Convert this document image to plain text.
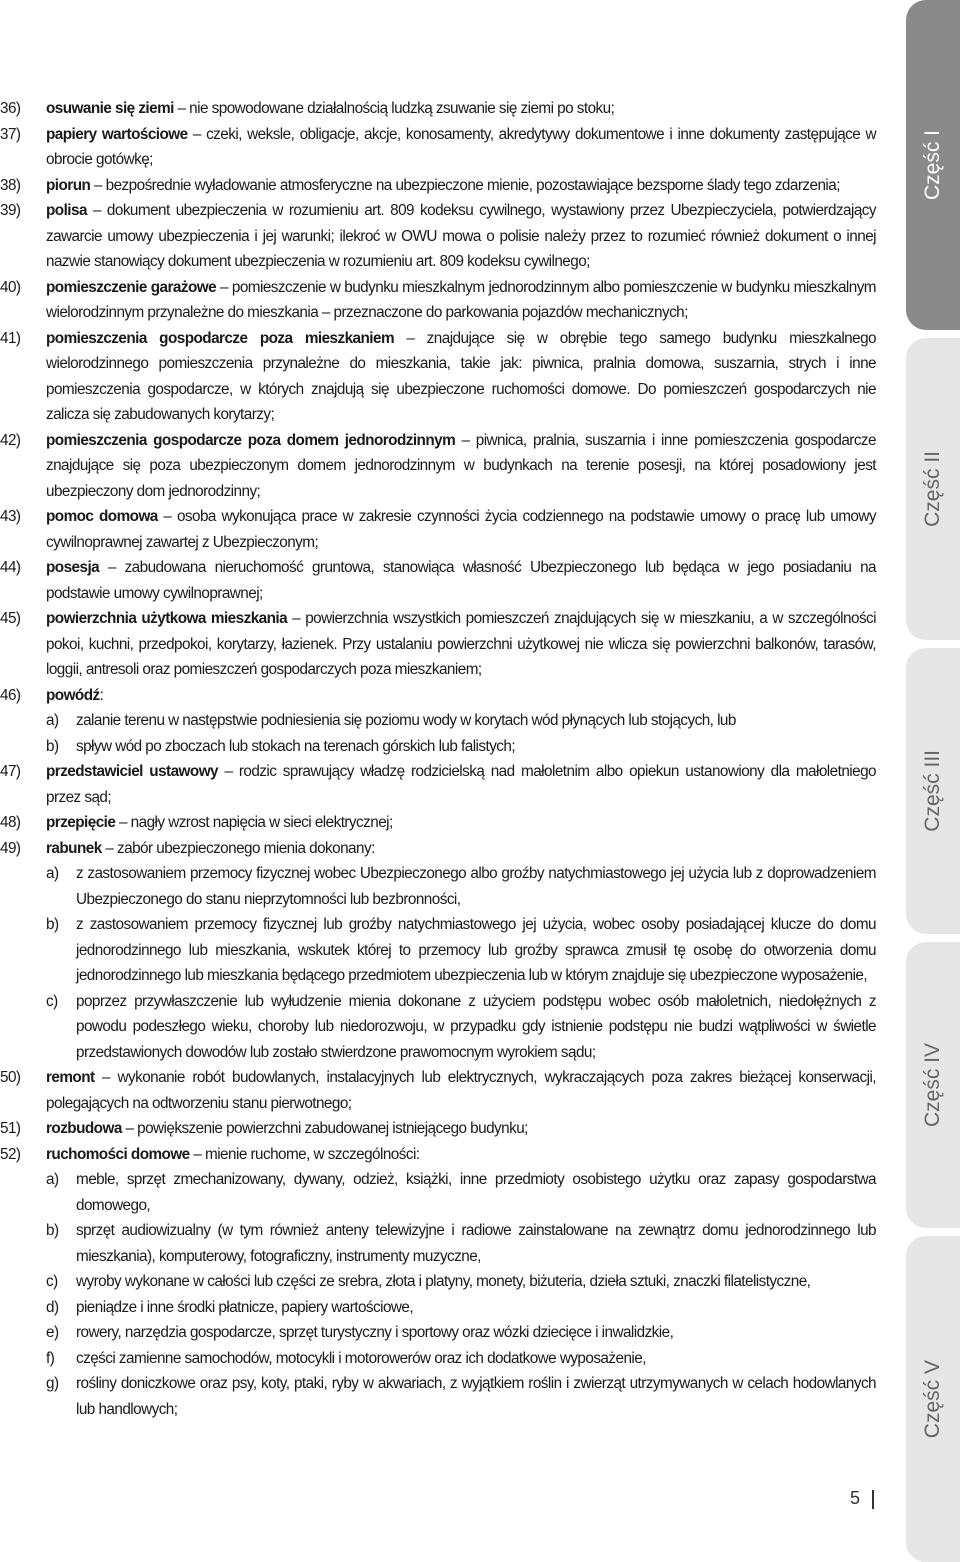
36) osuwanie się ziemi – nie spowodowane działalnością ludzką zsuwanie się ziemi po stoku;
37) papiery wartościowe – czeki, weksle, obligacje, akcje, konosamenty, akredytywy dokumentowe i inne dokumenty zastępujące w obrocie gotówkę;
38) piorun – bezpośrednie wyładowanie atmosferyczne na ubezpieczone mienie, pozostawiające bezsporne ślady tego zdarzenia;
39) polisa – dokument ubezpieczenia w rozumieniu art. 809 kodeksu cywilnego, wystawiony przez Ubezpieczyciela, potwierdzający zawarcie umowy ubezpieczenia i jej warunki; ilekroć w OWU mowa o polisie należy przez to rozumieć również dokument o innej nazwie stanowiący dokument ubezpieczenia w rozumieniu art. 809 kodeksu cywilnego;
40) pomieszczenie garażowe – pomieszczenie w budynku mieszkalnym jednorodzinnym albo pomieszczenie w budynku mieszkalnym wielorodzinnym przynależne do mieszkania – przeznaczone do parkowania pojazdów mechanicznych;
41) pomieszczenia gospodarcze poza mieszkaniem – znajdujące się w obrębie tego samego budynku mieszkalnego wielorodzinnego pomieszczenia przynależne do mieszkania, takie jak: piwnica, pralnia domowa, suszarnia, strych i inne pomieszczenia gospodarcze, w których znajdują się ubezpieczone ruchomości domowe. Do pomieszczeń gospodarczych nie zalicza się zabudowanych korytarzy;
42) pomieszczenia gospodarcze poza domem jednorodzinnym – piwnica, pralnia, suszarnia i inne pomieszczenia gospodarcze znajdujące się poza ubezpieczonym domem jednorodzinnym w budynkach na terenie posesji, na której posadowiony jest ubezpieczony dom jednorodzinny;
43) pomoc domowa – osoba wykonująca prace w zakresie czynności życia codziennego na podstawie umowy o pracę lub umowy cywilnoprawnej zawartej z Ubezpieczonym;
44) posesja – zabudowana nieruchomość gruntowa, stanowiąca własność Ubezpieczonego lub będąca w jego posiadaniu na podstawie umowy cywilnoprawnej;
45) powierzchnia użytkowa mieszkania – powierzchnia wszystkich pomieszczeń znajdujących się w mieszkaniu, a w szczególności pokoi, kuchni, przedpokoi, korytarzy, łazienek. Przy ustalaniu powierzchni użytkowej nie wlicza się powierzchni balkonów, tarasów, loggii, antresoli oraz pomieszczeń gospodarczych poza mieszkaniem;
46) powódź:
a) zalanie terenu w następstwie podniesienia się poziomu wody w korytach wód płynących lub stojących, lub
b) spływ wód po zboczach lub stokach na terenach górskich lub falistych;
47) przedstawiciel ustawowy – rodzic sprawujący władzę rodzicielską nad małoletnim albo opiekun ustanowiony dla małoletniego przez sąd;
48) przepięcie – nagły wzrost napięcia w sieci elektrycznej;
49) rabunek – zabór ubezpieczonego mienia dokonany:
a) z zastosowaniem przemocy fizycznej wobec Ubezpieczonego albo groźby natychmiastowego jej użycia lub z doprowadzeniem Ubezpieczonego do stanu nieprzytomności lub bezbronności,
b) z zastosowaniem przemocy fizycznej lub groźby natychmiastowego jej użycia, wobec osoby posiadającej klucze do domu jednorodzinnego lub mieszkania, wskutek której to przemocy lub groźby sprawca zmusił tę osobę do otworzenia domu jednorodzinnego lub mieszkania będącego przedmiotem ubezpieczenia lub w którym znajduje się ubezpieczone wyposażenie,
c) poprzez przywłaszczenie lub wyłudzenie mienia dokonane z użyciem podstępu wobec osób małoletnich, niedołężnych z powodu podeszłego wieku, choroby lub niedorozwoju, w przypadku gdy istnienie podstępu nie budzi wątpliwości w świetle przedstawionych dowodów lub zostało stwierdzone prawomocnym wyrokiem sądu;
50) remont – wykonanie robót budowlanych, instalacyjnych lub elektrycznych, wykraczających poza zakres bieżącej konserwacji, polegających na odtworzeniu stanu pierwotnego;
51) rozbudowa – powiększenie powierzchni zabudowanej istniejącego budynku;
52) ruchomości domowe – mienie ruchome, w szczególności:
a) meble, sprzęt zmechanizowany, dywany, odzież, książki, inne przedmioty osobistego użytku oraz zapasy gospodarstwa domowego,
b) sprzęt audiowizualny (w tym również anteny telewizyjne i radiowe zainstalowane na zewnątrz domu jednorodzinnego lub mieszkania), komputerowy, fotograficzny, instrumenty muzyczne,
c) wyroby wykonane w całości lub części ze srebra, złota i platyny, monety, biżuteria, dzieła sztuki, znaczki filatelistyczne,
d) pieniądze i inne środki płatnicze, papiery wartościowe,
e) rowery, narzędzia gospodarcze, sprzęt turystyczny i sportowy oraz wózki dziecięce i inwalidzkie,
f) części zamienne samochodów, motocykli i motorowerów oraz ich dodatkowe wyposażenie,
g) rośliny doniczkowe oraz psy, koty, ptaki, ryby w akwariach, z wyjątkiem roślin i zwierząt utrzymywanych w celach hodowlanych lub handlowych;
Część I
Część II
Część III
Część IV
Część V
5
